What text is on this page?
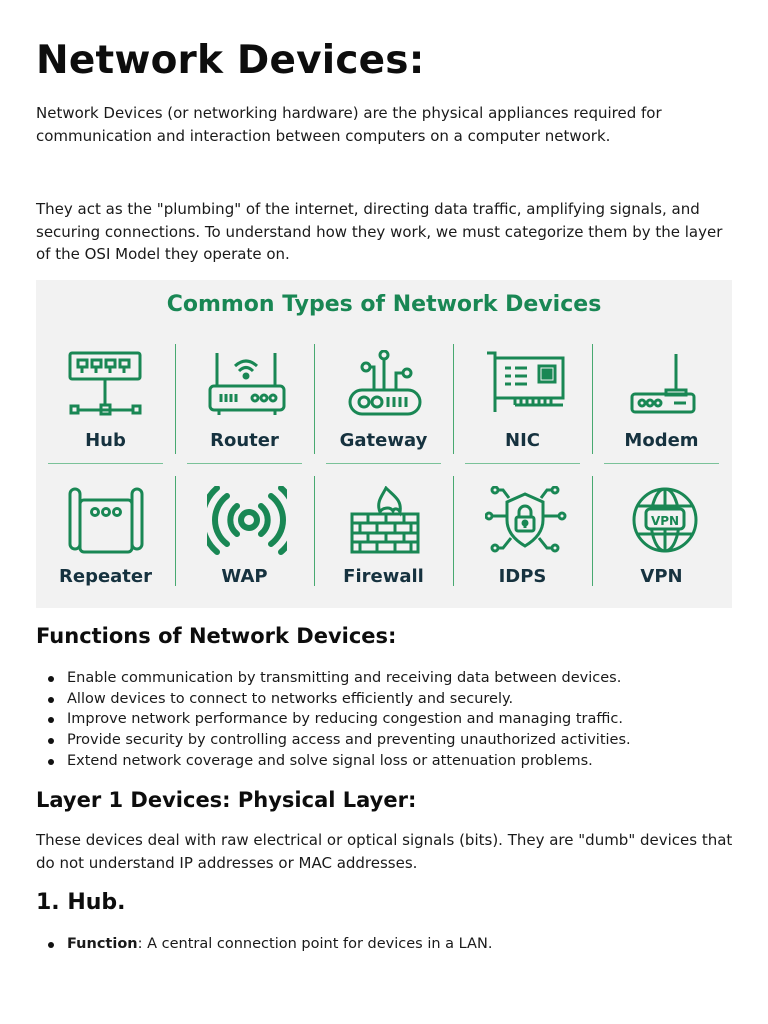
Network Devices:

Network Devices (or networking hardware) are the physical appliances required for communication and interaction between computers on a computer network.

They act as the "plumbing" of the internet, directing data traffic, amplifying signals, and securing connections. To understand how they work, we must categorize them by the layer of the OSI Model they operate on.

Common Types of Network Devices
Hub	Router	Gateway	NIC	Modem
Repeater	WAP	Firewall	IDPS
VPN
VPN
Functions of Network Devices:
Enable communication by transmitting and receiving data between devices.
Allow devices to connect to networks efficiently and securely.
Improve network performance by reducing congestion and managing traffic.
Provide security by controlling access and preventing unauthorized activities.
Extend network coverage and solve signal loss or attenuation problems.
Layer 1 Devices: Physical Layer:

These devices deal with raw electrical or optical signals (bits). They are "dumb" devices that do not understand IP addresses or MAC addresses.

1. Hub.
Function: A central connection point for devices in a LAN.
